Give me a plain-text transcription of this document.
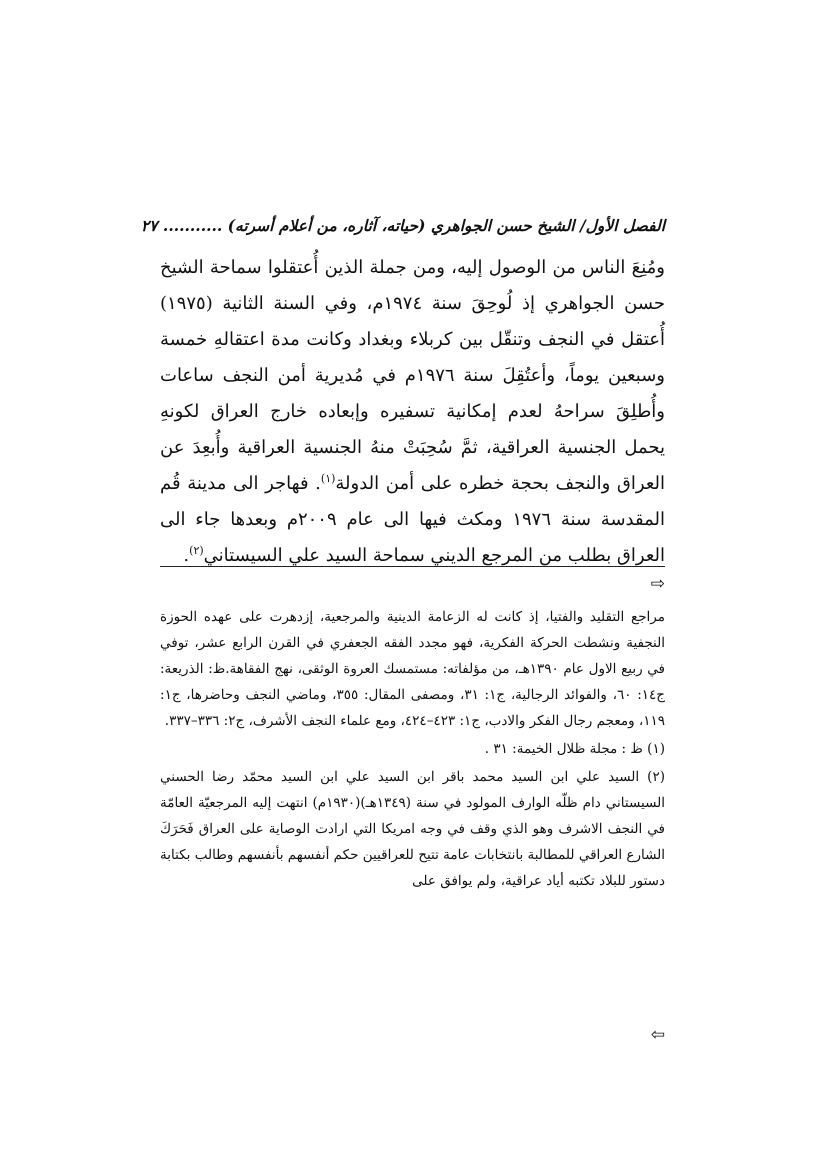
الفصل الأول/ الشيخ حسن الجواهري (حياته، آثاره، من أعلام أسرته) ........... ٢٧

ومُنِعَ الناس من الوصول إليه، ومن جملة الذين أُعتقلوا سماحة الشيخ حسن الجواهري إذ لُوحِقَ سنة ١٩٧٤م، وفي السنة الثانية (١٩٧٥) أُعتقل في النجف وتنقّل بين كربلاء وبغداد وكانت مدة اعتقالهِ خمسة وسبعين يوماً، وأعتُقِلَ سنة ١٩٧٦م في مُديرية أمن النجف ساعات وأُطلِقَ سراحهُ لعدم إمكانية تسفيره وإبعاده خارج العراق لكونهِ يحمل الجنسية العراقية، ثمَّ سُحِبَتْ منهُ الجنسية العراقية وأُبعِدَ عن العراق والنجف بحجة خطره على أمن الدولة$^{(١)}$. فهاجر الى مدينة قُم المقدسة سنة ١٩٧٦ ومكث فيها الى عام ٢٠٠٩م وبعدها جاء الى العراق بطلب من المرجع الديني سماحة السيد علي السيستاني$^{(٢)}$.

⇨

مراجع التقليد والفتيا، إذ كانت له الزعامة الدينية والمرجعية، إزدهرت على عهده الحوزة النجفية ونشطت الحركة الفكرية، فهو مجدد الفقه الجعفري في القرن الرابع عشر، توفي في ربيع الاول عام ١٣٩٠هـ، من مؤلفاته: مستمسك العروة الوثقى، نهج الفقاهة.ظ: الذريعة: ج١٤: ٦٠، والفوائد الرجالية، ج١: ٣١، ومصفى المقال: ٣٥٥، وماضي النجف وحاضرها، ج١: ١١٩، ومعجم رجال الفكر والادب، ج١: ٤٢٣–٤٢٤، ومع علماء النجف الأشرف، ج٢: ٣٣٦–٣٣٧.

(١) ظ : مجلة ظلال الخيمة: ٣١ .

(٢) السيد علي ابن السيد محمد باقر ابن السيد علي ابن السيد محمّد رضا الحسني السيستاني دام ظلّه الوارف المولود في سنة (١٣٤٩هـ)(١٩٣٠م) انتهت إليه المرجعيّة العامّة في النجف الاشرف وهو الذي وقف في وجه امريكا التي ارادت الوصاية على العراق فَحَرَكَ الشارع العراقي للمطالبة بانتخابات عامة تتيح للعراقيين حكم أنفسهم بأنفسهم وطالب بكتابة دستور للبلاد تكتبه أياد عراقية، ولم يوافق على

⇦
